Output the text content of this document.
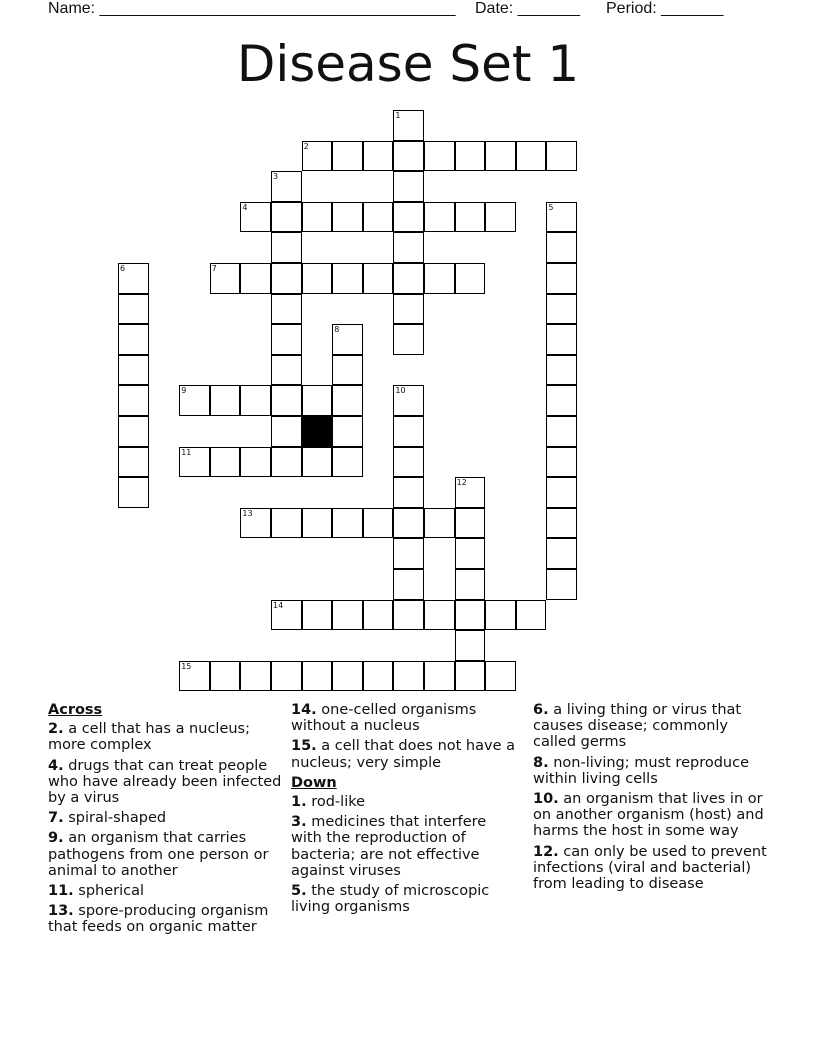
Name: ________________________________________ Date: _______ Period: _______
Disease Set 1
2
4
7
9
11
13
14
15
1
3
5
6
8
10
12
Across
2. a cell that has a nucleus; more complex
4. drugs that can treat people who have already been infected by a virus
7. spiral-shaped
9. an organism that carries pathogens from one person or animal to another
11. spherical
13. spore-producing organism that feeds on organic matter
14. one-celled organisms without a nucleus
15. a cell that does not have a nucleus; very simple
Down
1. rod-like
3. medicines that interfere with the reproduction of bacteria; are not effective against viruses
5. the study of microscopic living organisms
6. a living thing or virus that causes disease; commonly called germs
8. non-living; must reproduce within living cells
10. an organism that lives in or on another organism (host) and harms the host in some way
12. can only be used to prevent infections (viral and bacterial) from leading to disease
